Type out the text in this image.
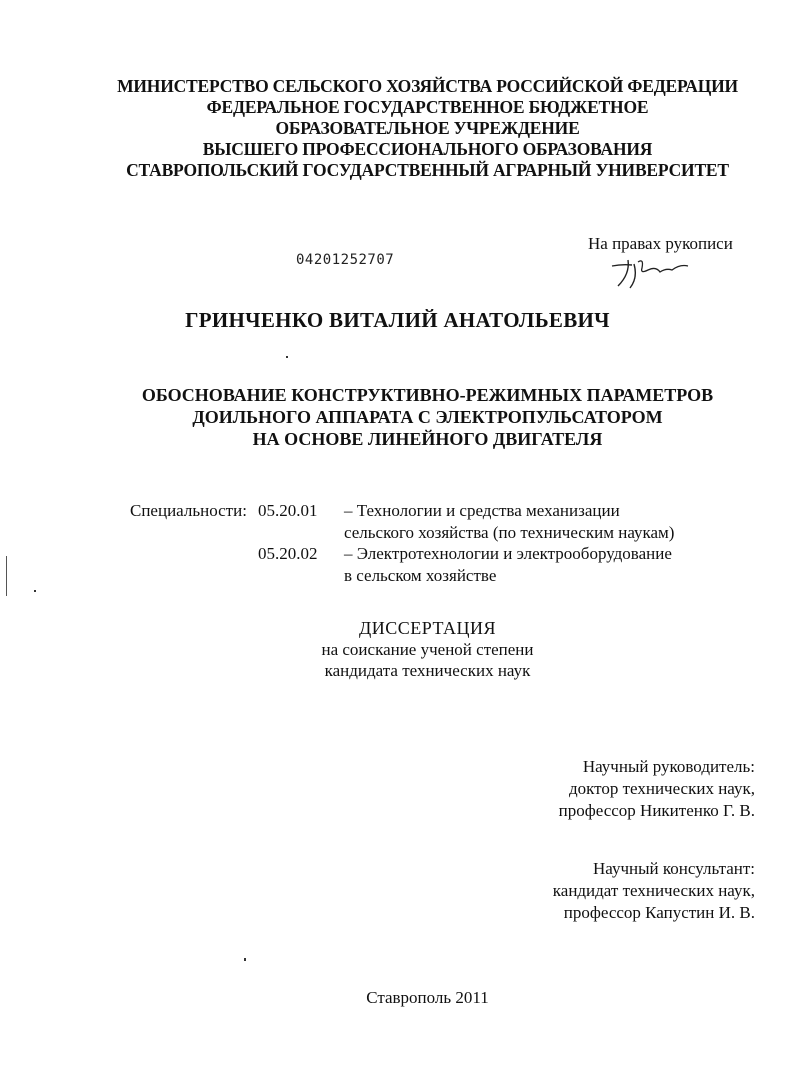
МИНИСТЕРСТВО СЕЛЬСКОГО ХОЗЯЙСТВА РОССИЙСКОЙ ФЕДЕРАЦИИ
ФЕДЕРАЛЬНОЕ ГОСУДАРСТВЕННОЕ БЮДЖЕТНОЕ
ОБРАЗОВАТЕЛЬНОЕ УЧРЕЖДЕНИЕ
ВЫСШЕГО ПРОФЕССИОНАЛЬНОГО ОБРАЗОВАНИЯ
СТАВРОПОЛЬСКИЙ ГОСУДАРСТВЕННЫЙ АГРАРНЫЙ УНИВЕРСИТЕТ
04201252707
На правах рукописи
ГРИНЧЕНКО ВИТАЛИЙ АНАТОЛЬЕВИЧ
ОБОСНОВАНИЕ КОНСТРУКТИВНО-РЕЖИМНЫХ ПАРАМЕТРОВ
ДОИЛЬНОГО АППАРАТА С ЭЛЕКТРОПУЛЬСАТОРОМ
НА ОСНОВЕ ЛИНЕЙНОГО ДВИГАТЕЛЯ
Специальности: 05.20.01	– Технологии и средства механизации
сельского хозяйства (по техническим наукам)
05.20.02	– Электротехнологии и электрооборудование
в сельском хозяйстве
ДИССЕРТАЦИЯ
на соискание ученой степени
кандидата технических наук
Научный руководитель:
доктор технических наук,
профессор Никитенко Г. В.
Научный консультант:
кандидат технических наук,
профессор Капустин И. В.
Ставрополь 2011
